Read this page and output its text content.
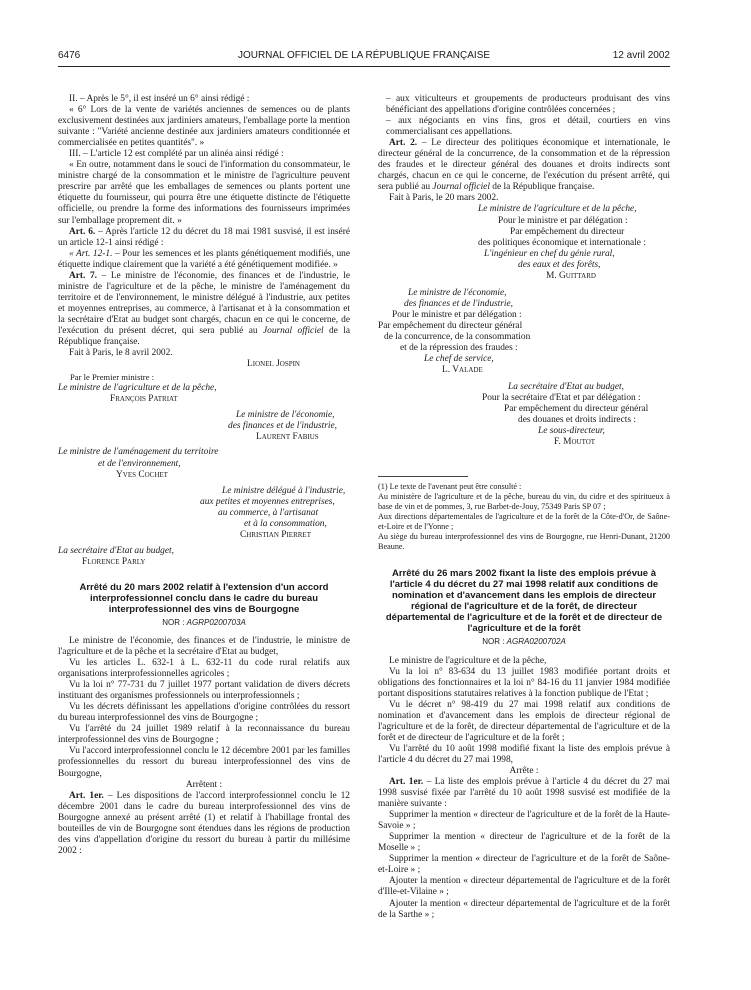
6476	JOURNAL OFFICIEL DE LA RÉPUBLIQUE FRANÇAISE	12 avril 2002

II. – Après le 5°, il est inséré un 6° ainsi rédigé :

« 6° Lors de la vente de variétés anciennes de semences ou de plants exclusivement destinées aux jardiniers amateurs, l'emballage porte la mention suivante : "Variété ancienne destinée aux jardiniers amateurs conditionnée et commercialisée en petites quantités". »

III. – L'article 12 est complété par un alinéa ainsi rédigé :

« En outre, notamment dans le souci de l'information du consommateur, le ministre chargé de la consommation et le ministre de l'agriculture peuvent prescrire par arrêté que les emballages de semences ou plants portent une étiquette du fournisseur, qui pourra être une étiquette distincte de l'étiquette officielle, ou prendre la forme des informations des fournisseurs imprimées sur l'emballage proprement dit. »

Art. 6. – Après l'article 12 du décret du 18 mai 1981 susvisé, il est inséré un article 12-1 ainsi rédigé :

« Art. 12-1. – Pour les semences et les plants génétiquement modifiés, une étiquette indique clairement que la variété a été génétiquement modifiée. »

Art. 7. – Le ministre de l'économie, des finances et de l'industrie, le ministre de l'agriculture et de la pêche, le ministre de l'aménagement du territoire et de l'environnement, le ministre délégué à l'industrie, aux petites et moyennes entreprises, au commerce, à l'artisanat et à la consommation et la secrétaire d'Etat au budget sont chargés, chacun en ce qui le concerne, de l'exécution du présent décret, qui sera publié au Journal officiel de la République française.

Fait à Paris, le 8 avril 2002.

Lionel Jospin

Par le Premier ministre :

Le ministre de l'agriculture et de la pêche,

François Patriat

Le ministre de l'économie,

des finances et de l'industrie,

Laurent Fabius

Le ministre de l'aménagement du territoire

et de l'environnement,

Yves Cochet

Le ministre délégué à l'industrie,

aux petites et moyennes entreprises,

au commerce, à l'artisanat

et à la consommation,

Christian Pierret

La secrétaire d'Etat au budget,

Florence Parly

Arrêté du 20 mars 2002 relatif à l'extension d'un accord interprofessionnel conclu dans le cadre du bureau interprofessionnel des vins de Bourgogne
NOR : AGRP0200703A

Le ministre de l'économie, des finances et de l'industrie, le ministre de l'agriculture et de la pêche et la secrétaire d'Etat au budget,

Vu les articles L. 632-1 à L. 632-11 du code rural relatifs aux organisations interprofessionnelles agricoles ;

Vu la loi n° 77-731 du 7 juillet 1977 portant validation de divers décrets instituant des organismes professionnels ou interprofessionnels ;

Vu les décrets définissant les appellations d'origine contrôlées du ressort du bureau interprofessionnel des vins de Bourgogne ;

Vu l'arrêté du 24 juillet 1989 relatif à la reconnaissance du bureau interprofessionnel des vins de Bourgogne ;

Vu l'accord interprofessionnel conclu le 12 décembre 2001 par les familles professionnelles du ressort du bureau interprofessionnel des vins de Bourgogne,

Arrêtent :

Art. 1er. – Les dispositions de l'accord interprofessionnel conclu le 12 décembre 2001 dans le cadre du bureau interprofessionnel des vins de Bourgogne annexé au présent arrêté (1) et relatif à l'habillage frontal des bouteilles de vin de Bourgogne sont étendues dans les régions de production des vins d'appellation d'origine du ressort du bureau à partir du millésime 2002 :

– aux viticulteurs et groupements de producteurs produisant des vins bénéficiant des appellations d'origine contrôlées concernées ;

– aux négociants en vins fins, gros et détail, courtiers en vins commercialisant ces appellations.

Art. 2. – Le directeur des politiques économique et internationale, le directeur général de la concurrence, de la consommation et de la répression des fraudes et le directeur général des douanes et droits indirects sont chargés, chacun en ce qui le concerne, de l'exécution du présent arrêté, qui sera publié au Journal officiel de la République française.

Fait à Paris, le 20 mars 2002.

Le ministre de l'agriculture et de la pêche,

Pour le ministre et par délégation :

Par empêchement du directeur

des politiques économique et internationale :

L'ingénieur en chef du génie rural,

des eaux et des forêts,

M. Guittard

Le ministre de l'économie,

des finances et de l'industrie,

Pour le ministre et par délégation :

Par empêchement du directeur général

de la concurrence, de la consommation

et de la répression des fraudes :

Le chef de service,

L. Valade

La secrétaire d'Etat au budget,

Pour la secrétaire d'Etat et par délégation :

Par empêchement du directeur général

des douanes et droits indirects :

Le sous-directeur,

F. Moutot

(1) Le texte de l'avenant peut être consulté :

Au ministère de l'agriculture et de la pêche, bureau du vin, du cidre et des spiritueux à base de vin et de pommes, 3, rue Barbet-de-Jouy, 75349 Paris SP 07 ;

Aux directions départementales de l'agriculture et de la forêt de la Côte-d'Or, de Saône-et-Loire et de l'Yonne ;

Au siège du bureau interprofessionnel des vins de Bourgogne, rue Henri-Dunant, 21200 Beaune.

Arrêté du 26 mars 2002 fixant la liste des emplois prévue à l'article 4 du décret du 27 mai 1998 relatif aux conditions de nomination et d'avancement dans les emplois de directeur régional de l'agriculture et de la forêt, de directeur départemental de l'agriculture et de la forêt et de directeur de l'agriculture et de la forêt
NOR : AGRA0200702A

Le ministre de l'agriculture et de la pêche,

Vu la loi n° 83-634 du 13 juillet 1983 modifiée portant droits et obligations des fonctionnaires et la loi n° 84-16 du 11 janvier 1984 modifiée portant dispositions statutaires relatives à la fonction publique de l'Etat ;

Vu le décret n° 98-419 du 27 mai 1998 relatif aux conditions de nomination et d'avancement dans les emplois de directeur régional de l'agriculture et de la forêt, de directeur départemental de l'agriculture et de la forêt et de directeur de l'agriculture et de la forêt ;

Vu l'arrêté du 10 août 1998 modifié fixant la liste des emplois prévue à l'article 4 du décret du 27 mai 1998,

Arrête :

Art. 1er. – La liste des emplois prévue à l'article 4 du décret du 27 mai 1998 susvisé fixée par l'arrêté du 10 août 1998 susvisé est modifiée de la manière suivante :

Supprimer la mention « directeur de l'agriculture et de la forêt de la Haute-Savoie » ;

Supprimer la mention « directeur de l'agriculture et de la forêt de la Moselle » ;

Supprimer la mention « directeur de l'agriculture et de la forêt de Saône-et-Loire » ;

Ajouter la mention « directeur départemental de l'agriculture et de la forêt d'Ille-et-Vilaine » ;

Ajouter la mention « directeur départemental de l'agriculture et de la forêt de la Sarthe » ;
